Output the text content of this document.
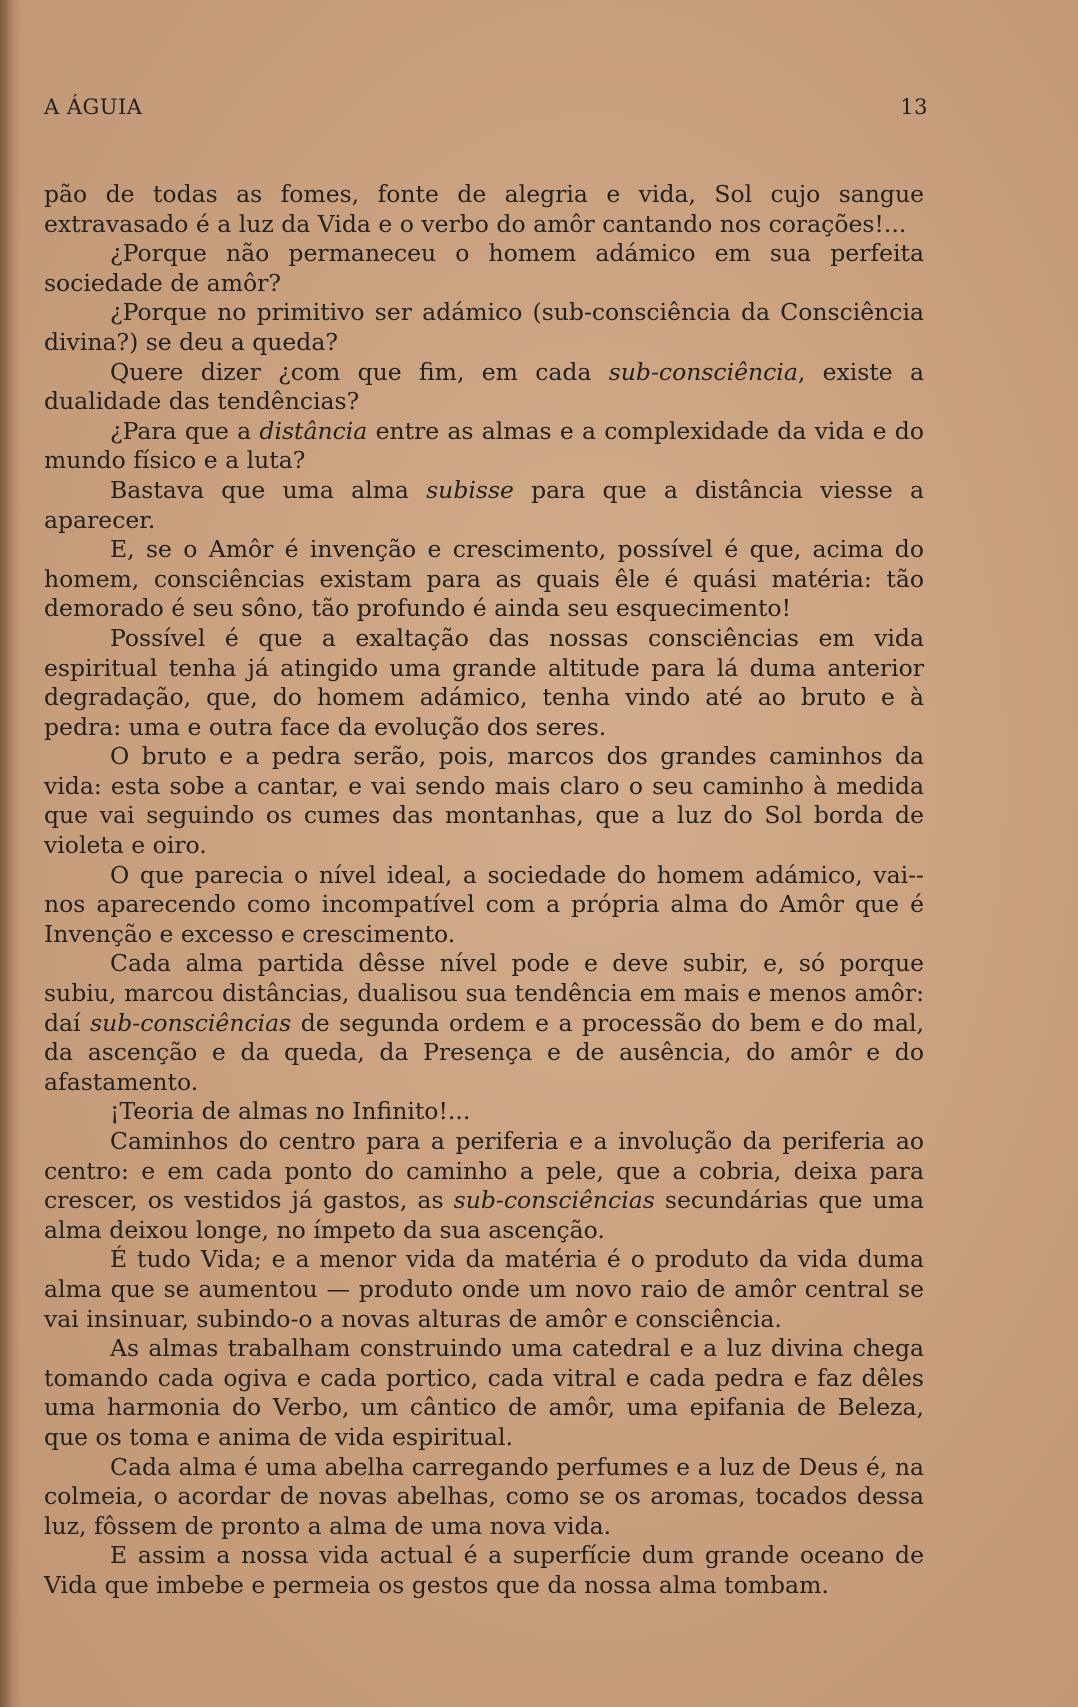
A ÁGUIA	13

pão de todas as fomes, fonte de alegria e vida, Sol cujo sangue extravasado é a luz da Vida e o verbo do amôr cantando nos corações!...

¿Porque não permaneceu o homem adámico em sua perfeita sociedade de amôr?

¿Porque no primitivo ser adámico (sub-consciência da Consciência divina?) se deu a queda?

Quere dizer ¿com que fim, em cada sub-consciência, existe a dualidade das tendências?

¿Para que a distância entre as almas e a complexidade da vida e do mundo físico e a luta?

Bastava que uma alma subisse para que a distância viesse a aparecer.

E, se o Amôr é invenção e crescimento, possível é que, acima do homem, consciências existam para as quais êle é quási matéria: tão demorado é seu sôno, tão profundo é ainda seu esquecimento!

Possível é que a exaltação das nossas consciências em vida espiritual tenha já atingido uma grande altitude para lá duma anterior degradação, que, do homem adámico, tenha vindo até ao bruto e à pedra: uma e outra face da evolução dos seres.

O bruto e a pedra serão, pois, marcos dos grandes caminhos da vida: esta sobe a cantar, e vai sendo mais claro o seu caminho à medida que vai seguindo os cumes das montanhas, que a luz do Sol borda de violeta e oiro.

O que parecia o nível ideal, a sociedade do homem adámico, vai--nos aparecendo como incompatível com a própria alma do Amôr que é Invenção e excesso e crescimento.

Cada alma partida dêsse nível pode e deve subir, e, só porque subiu, marcou distâncias, dualisou sua tendência em mais e menos amôr: daí sub-consciências de segunda ordem e a processão do bem e do mal, da ascenção e da queda, da Presença e de ausência, do amôr e do afastamento.

¡Teoria de almas no Infinito!...

Caminhos do centro para a periferia e a involução da periferia ao centro: e em cada ponto do caminho a pele, que a cobria, deixa para crescer, os vestidos já gastos, as sub-consciências secundárias que uma alma deixou longe, no ímpeto da sua ascenção.

É tudo Vida; e a menor vida da matéria é o produto da vida duma alma que se aumentou — produto onde um novo raio de amôr central se vai insinuar, subindo-o a novas alturas de amôr e consciência.

As almas trabalham construindo uma catedral e a luz divina chega tomando cada ogiva e cada portico, cada vitral e cada pedra e faz dêles uma harmonia do Verbo, um cântico de amôr, uma epifania de Beleza, que os toma e anima de vida espiritual.

Cada alma é uma abelha carregando perfumes e a luz de Deus é, na colmeia, o acordar de novas abelhas, como se os aromas, tocados dessa luz, fôssem de pronto a alma de uma nova vida.

E assim a nossa vida actual é a superfície dum grande oceano de Vida que imbebe e permeia os gestos que da nossa alma tombam.
